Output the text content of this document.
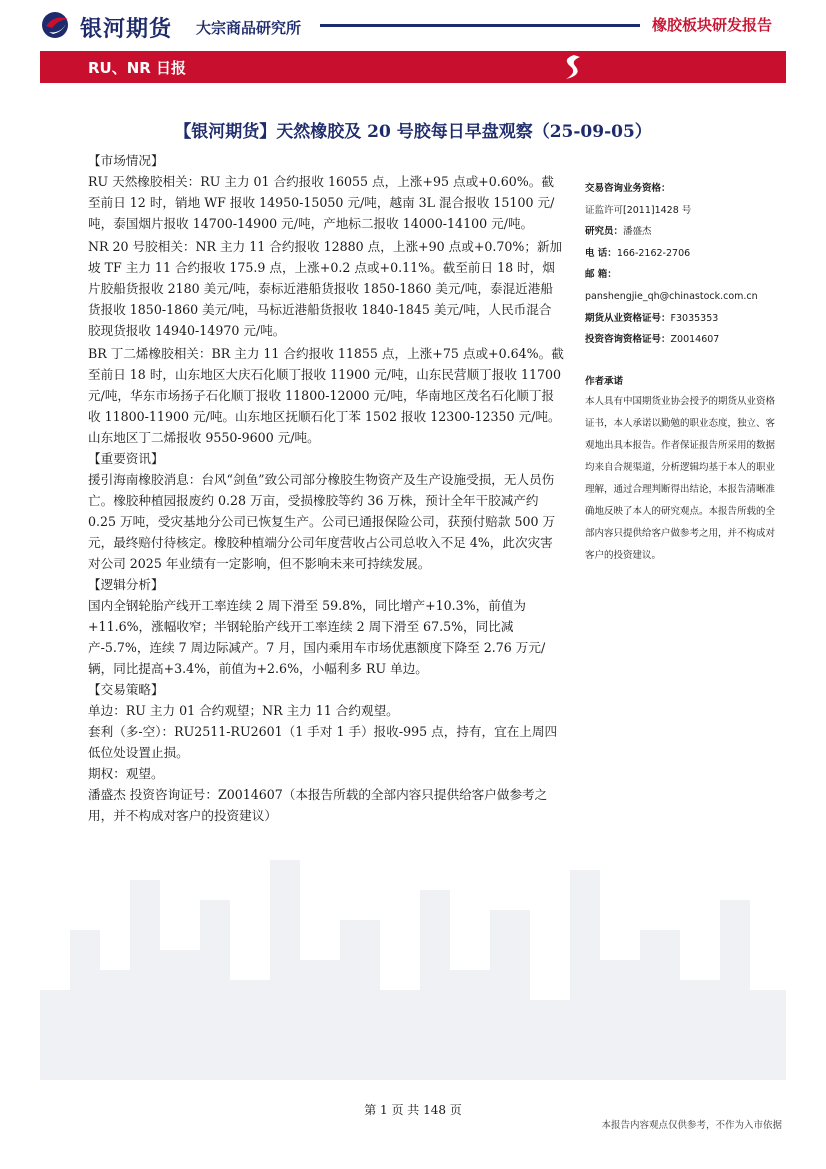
银河期货 大宗商品研究所	橡胶板块研发报告
RU、NR 日报
【银河期货】天然橡胶及 20 号胶每日早盘观察（25-09-05）

【市场情况】

RU 天然橡胶相关：RU 主力 01 合约报收 16055 点，上涨+95 点或+0.60%。截至前日 12 时，销地 WF 报收 14950-15050 元/吨，越南 3L 混合报收 15100 元/吨，泰国烟片报收 14700-14900 元/吨，产地标二报收 14000-14100 元/吨。

NR 20 号胶相关：NR 主力 11 合约报收 12880 点，上涨+90 点或+0.70%；新加坡 TF 主力 11 合约报收 175.9 点，上涨+0.2 点或+0.11%。截至前日 18 时，烟片胶船货报收 2180 美元/吨，泰标近港船货报收 1850-1860 美元/吨，泰混近港船货报收 1850-1860 美元/吨，马标近港船货报收 1840-1845 美元/吨，人民币混合胶现货报收 14940-14970 元/吨。

BR 丁二烯橡胶相关：BR 主力 11 合约报收 11855 点，上涨+75 点或+0.64%。截至前日 18 时，山东地区大庆石化顺丁报收 11900 元/吨，山东民营顺丁报收 11700 元/吨，华东市场扬子石化顺丁报收 11800-12000 元/吨，华南地区茂名石化顺丁报收 11800-11900 元/吨。山东地区抚顺石化丁苯 1502 报收 12300-12350 元/吨。山东地区丁二烯报收 9550-9600 元/吨。

【重要资讯】

援引海南橡胶消息：台风“剑鱼”致公司部分橡胶生物资产及生产设施受损，无人员伤亡。橡胶种植园报废约 0.28 万亩，受损橡胶等约 36 万株，预计全年干胶减产约 0.25 万吨，受灾基地分公司已恢复生产。公司已通报保险公司，获预付赔款 500 万元，最终赔付待核定。橡胶种植端分公司年度营收占公司总收入不足 4%，此次灾害对公司 2025 年业绩有一定影响，但不影响未来可持续发展。

【逻辑分析】

国内全钢轮胎产线开工率连续 2 周下滑至 59.8%，同比增产+10.3%，前值为+11.6%，涨幅收窄；半钢轮胎产线开工率连续 2 周下滑至 67.5%，同比减产-5.7%，连续 7 周边际减产。7 月，国内乘用车市场优惠额度下降至 2.76 万元/辆，同比提高+3.4%，前值为+2.6%，小幅利多 RU 单边。

【交易策略】

单边：RU 主力 01 合约观望；NR 主力 11 合约观望。

套利（多-空）：RU2511-RU2601（1 手对 1 手）报收-995 点，持有，宜在上周四低位处设置止损。

期权：观望。

潘盛杰 投资咨询证号：Z0014607（本报告所载的全部内容只提供给客户做参考之用，并不构成对客户的投资建议）

交易咨询业务资格：
证监许可[2011]1428 号
研究员：潘盛杰
电 话：166-2162-2706
邮 箱：
panshengjie_qh@chinastock.com.cn
期货从业资格证号：F3035353
投资咨询资格证号：Z0014607
作者承诺
本人具有中国期货业协会授予的期货从业资格证书，本人承诺以勤勉的职业态度，独立、客观地出具本报告。作者保证报告所采用的数据均来自合规渠道，分析逻辑均基于本人的职业理解，通过合理判断得出结论，本报告清晰准确地反映了本人的研究观点。本报告所载的全部内容只提供给客户做参考之用，并不构成对客户的投资建议。
第 1 页 共 148 页
本报告内容观点仅供参考，不作为入市依据
